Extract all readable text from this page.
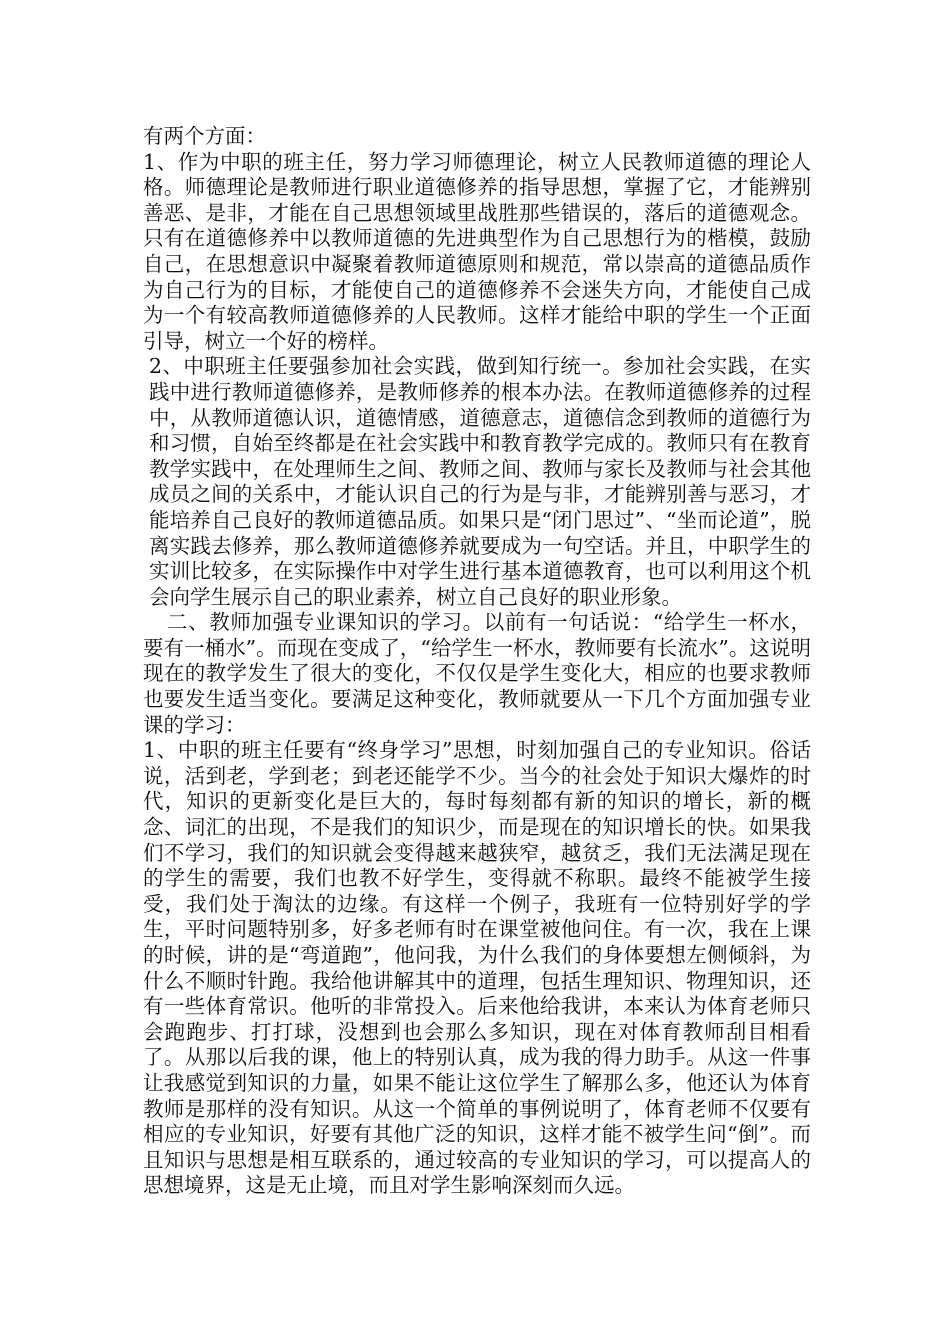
有两个方面：

1、作为中职的班主任，努力学习师德理论，树立人民教师道德的理论人格。师德理论是教师进行职业道德修养的指导思想，掌握了它，才能辨别善恶、是非，才能在自己思想领域里战胜那些错误的，落后的道德观念。只有在道德修养中以教师道德的先进典型作为自己思想行为的楷模，鼓励自己，在思想意识中凝聚着教师道德原则和规范，常以崇高的道德品质作为自己行为的目标，才能使自己的道德修养不会迷失方向，才能使自己成为一个有较高教师道德修养的人民教师。这样才能给中职的学生一个正面引导，树立一个好的榜样。

2、中职班主任要强参加社会实践，做到知行统一。参加社会实践，在实践中进行教师道德修养，是教师修养的根本办法。在教师道德修养的过程中，从教师道德认识，道德情感，道德意志，道德信念到教师的道德行为和习惯，自始至终都是在社会实践中和教育教学完成的。教师只有在教育教学实践中，在处理师生之间、教师之间、教师与家长及教师与社会其他成员之间的关系中，才能认识自己的行为是与非，才能辨别善与恶习，才能培养自己良好的教师道德品质。如果只是“闭门思过”、“坐而论道”，脱离实践去修养，那么教师道德修养就要成为一句空话。并且，中职学生的实训比较多，在实际操作中对学生进行基本道德教育，也可以利用这个机会向学生展示自己的职业素养，树立自己良好的职业形象。

二、教师加强专业课知识的学习。以前有一句话说：“给学生一杯水，要有一桶水”。而现在变成了，“给学生一杯水，教师要有长流水”。这说明现在的教学发生了很大的变化，不仅仅是学生变化大，相应的也要求教师也要发生适当变化。要满足这种变化，教师就要从一下几个方面加强专业课的学习：

1、中职的班主任要有“终身学习”思想，时刻加强自己的专业知识。俗话说，活到老，学到老；到老还能学不少。当今的社会处于知识大爆炸的时代，知识的更新变化是巨大的，每时每刻都有新的知识的增长，新的概念、词汇的出现，不是我们的知识少，而是现在的知识增长的快。如果我们不学习，我们的知识就会变得越来越狭窄，越贫乏，我们无法满足现在的学生的需要，我们也教不好学生，变得就不称职。最终不能被学生接受，我们处于淘汰的边缘。有这样一个例子，我班有一位特别好学的学生，平时问题特别多，好多老师有时在课堂被他问住。有一次，我在上课的时候，讲的是“弯道跑”，他问我，为什么我们的身体要想左侧倾斜，为什么不顺时针跑。我给他讲解其中的道理，包括生理知识、物理知识，还有一些体育常识。他听的非常投入。后来他给我讲，本来认为体育老师只会跑跑步、打打球，没想到也会那么多知识，现在对体育教师刮目相看了。从那以后我的课，他上的特别认真，成为我的得力助手。从这一件事让我感觉到知识的力量，如果不能让这位学生了解那么多，他还认为体育教师是那样的没有知识。从这一个简单的事例说明了，体育老师不仅要有相应的专业知识，好要有其他广泛的知识，这样才能不被学生问“倒”。而且知识与思想是相互联系的，通过较高的专业知识的学习，可以提高人的思想境界，这是无止境，而且对学生影响深刻而久远。
